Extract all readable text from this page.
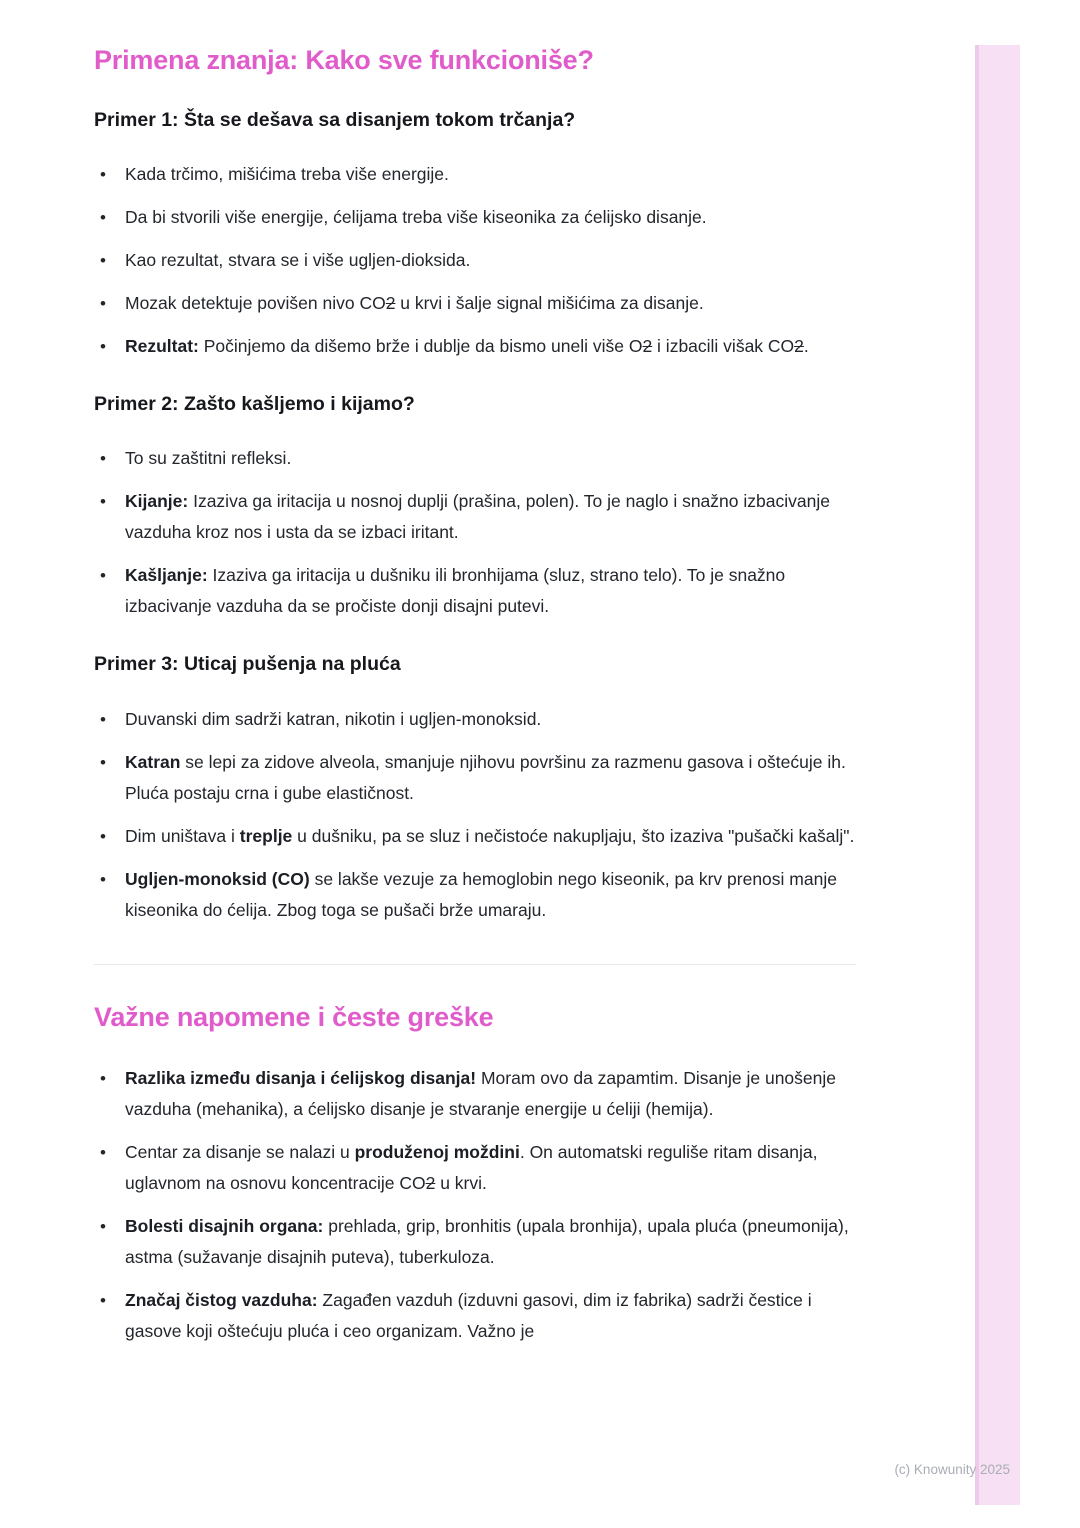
Primena znanja: Kako sve funkcioniše?
Primer 1: Šta se dešava sa disanjem tokom trčanja?
• Kada trčimo, mišićima treba više energije.
• Da bi stvorili više energije, ćelijama treba više kiseonika za ćelijsko disanje.
• Kao rezultat, stvara se i više ugljen-dioksida.
• Mozak detektuje povišen nivo CO2 u krvi i šalje signal mišićima za disanje.
• Rezultat: Počinjemo da dišemo brže i dublje da bismo uneli više O2 i izbacili višak CO2.
Primer 2: Zašto kašljemo i kijamo?
• To su zaštitni refleksi.
• Kijanje: Izaziva ga iritacija u nosnoj duplji (prašina, polen). To je naglo i snažno izbacivanje vazduha kroz nos i usta da se izbaci iritant.
• Kašljanje: Izaziva ga iritacija u dušniku ili bronhijama (sluz, strano telo). To je snažno izbacivanje vazduha da se pročiste donji disajni putevi.
Primer 3: Uticaj pušenja na pluća
• Duvanski dim sadrži katran, nikotin i ugljen-monoksid.
• Katran se lepi za zidove alveola, smanjuje njihovu površinu za razmenu gasova i oštećuje ih. Pluća postaju crna i gube elastičnost.
• Dim uništava i treplje u dušniku, pa se sluz i nečistoće nakupljaju, što izaziva "pušački kašalj".
• Ugljen-monoksid (CO) se lakše vezuje za hemoglobin nego kiseonik, pa krv prenosi manje kiseonika do ćelija. Zbog toga se pušači brže umaraju.
Važne napomene i česte greške
• Razlika između disanja i ćelijskog disanja! Moram ovo da zapamtim. Disanje je unošenje vazduha (mehanika), a ćelijsko disanje je stvaranje energije u ćeliji (hemija).
• Centar za disanje se nalazi u produženoj moždini. On automatski reguliše ritam disanja, uglavnom na osnovu koncentracije CO2 u krvi.
• Bolesti disajnih organa: prehlada, grip, bronhitis (upala bronhija), upala pluća (pneumonija), astma (sužavanje disajnih puteva), tuberkuloza.
• Značaj čistog vazduha: Zagađen vazduh (izduvni gasovi, dim iz fabrika) sadrži čestice i gasove koji oštećuju pluća i ceo organizam. Važno je
(c) Knowunity 2025
